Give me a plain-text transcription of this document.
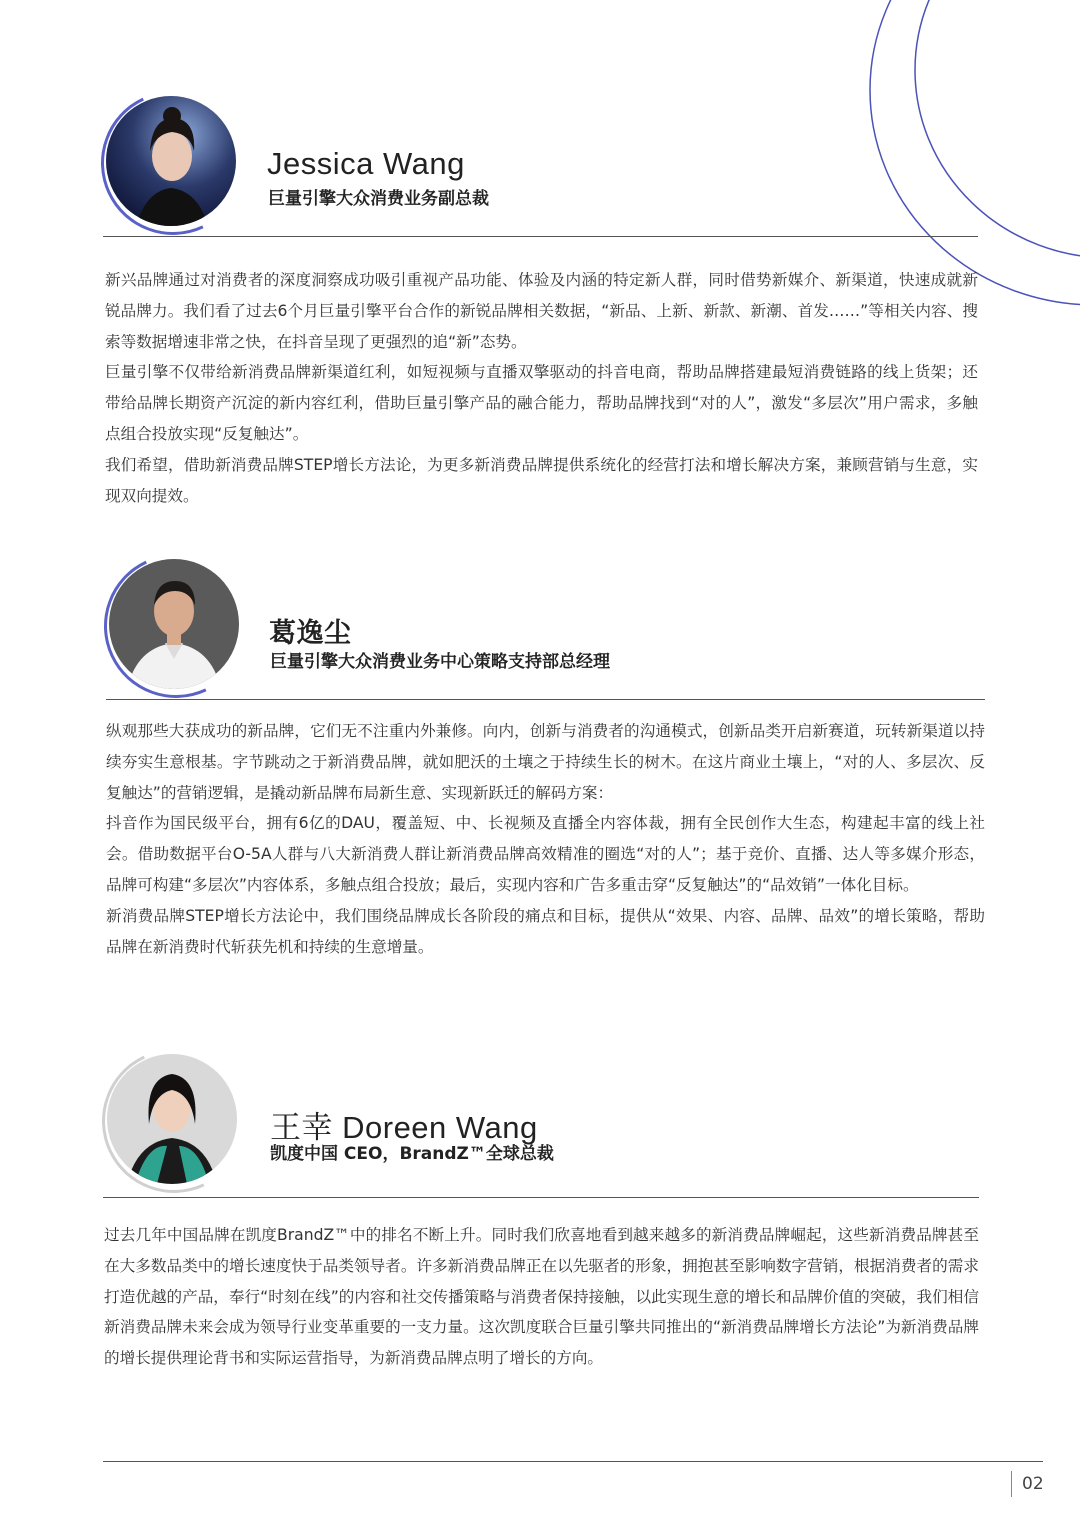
Jessica Wang
巨量引擎大众消费业务副总裁

新兴品牌通过对消费者的深度洞察成功吸引重视产品功能、体验及内涵的特定新人群，同时借势新媒介、新渠道，快速成就新锐品牌力。我们看了过去6个月巨量引擎平台合作的新锐品牌相关数据，“新品、上新、新款、新潮、首发……”等相关内容、搜索等数据增速非常之快，在抖音呈现了更强烈的追“新”态势。

巨量引擎不仅带给新消费品牌新渠道红利，如短视频与直播双擎驱动的抖音电商，帮助品牌搭建最短消费链路的线上货架；还带给品牌长期资产沉淀的新内容红利，借助巨量引擎产品的融合能力，帮助品牌找到“对的人”，激发“多层次”用户需求，多触点组合投放实现“反复触达”。

我们希望，借助新消费品牌STEP增长方法论，为更多新消费品牌提供系统化的经营打法和增长解决方案，兼顾营销与生意，实现双向提效。

葛逸尘
巨量引擎大众消费业务中心策略支持部总经理

纵观那些大获成功的新品牌，它们无不注重内外兼修。向内，创新与消费者的沟通模式，创新品类开启新赛道，玩转新渠道以持续夯实生意根基。字节跳动之于新消费品牌，就如肥沃的土壤之于持续生长的树木。在这片商业土壤上，“对的人、多层次、反复触达”的营销逻辑，是撬动新品牌布局新生意、实现新跃迁的解码方案：

抖音作为国民级平台，拥有6亿的DAU，覆盖短、中、长视频及直播全内容体裁，拥有全民创作大生态，构建起丰富的线上社会。借助数据平台O-5A人群与八大新消费人群让新消费品牌高效精准的圈选“对的人”；基于竞价、直播、达人等多媒介形态，品牌可构建“多层次”内容体系，多触点组合投放；最后，实现内容和广告多重击穿“反复触达”的“品效销”一体化目标。

新消费品牌STEP增长方法论中，我们围绕品牌成长各阶段的痛点和目标，提供从“效果、内容、品牌、品效”的增长策略，帮助品牌在新消费时代斩获先机和持续的生意增量。

王幸 Doreen Wang
凯度中国 CEO，BrandZ™全球总裁

过去几年中国品牌在凯度BrandZ™中的排名不断上升。同时我们欣喜地看到越来越多的新消费品牌崛起，这些新消费品牌甚至在大多数品类中的增长速度快于品类领导者。许多新消费品牌正在以先驱者的形象，拥抱甚至影响数字营销，根据消费者的需求打造优越的产品，奉行“时刻在线”的内容和社交传播策略与消费者保持接触，以此实现生意的增长和品牌价值的突破，我们相信新消费品牌未来会成为领导行业变革重要的一支力量。这次凯度联合巨量引擎共同推出的“新消费品牌增长方法论”为新消费品牌的增长提供理论背书和实际运营指导，为新消费品牌点明了增长的方向。

02
